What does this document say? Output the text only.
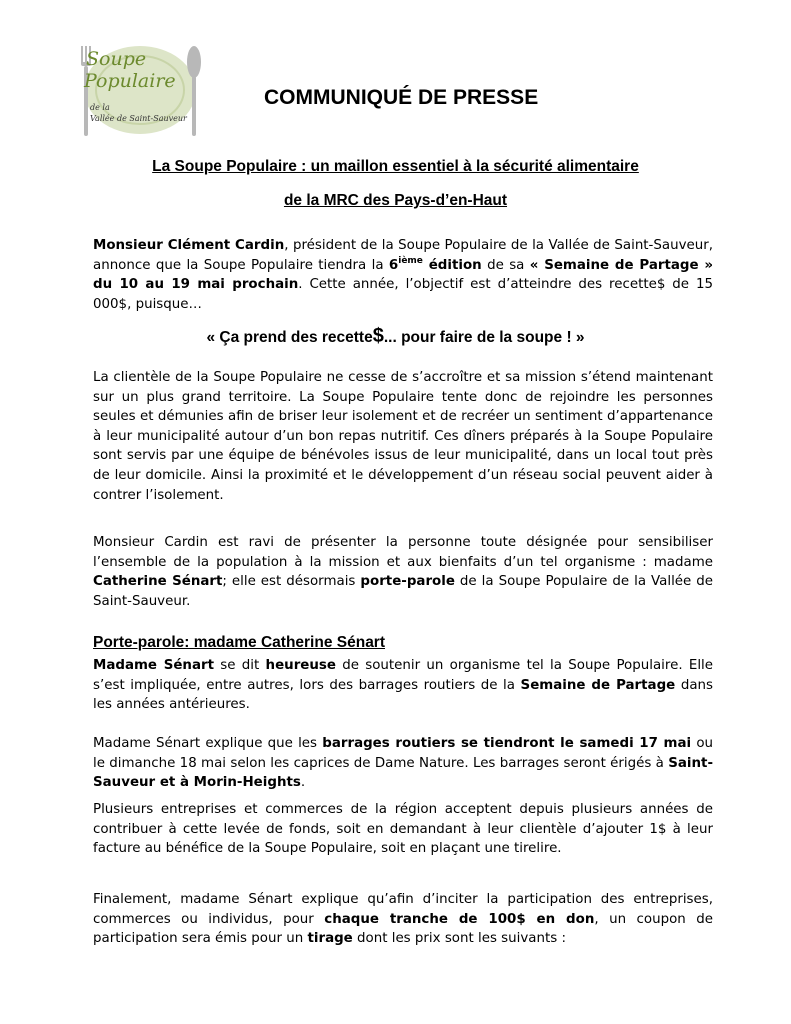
Soupe
Populaire
de la
Vallée de Saint-Sauveur
COMMUNIQUÉ DE PRESSE
La Soupe Populaire : un maillon essentiel à la sécurité alimentaire
de la MRC des Pays-d’en-Haut

Monsieur Clément Cardin, président de la Soupe Populaire de la Vallée de Saint-Sauveur, annonce que la Soupe Populaire tiendra la 6ième édition de sa « Semaine de Partage » du 10 au 19 mai prochain. Cette année, l’objectif est d’atteindre des recette$ de 15 000$, puisque…

« Ça prend des recette$... pour faire de la soupe ! »

La clientèle de la Soupe Populaire ne cesse de s’accroître et sa mission s’étend maintenant sur un plus grand territoire. La Soupe Populaire tente donc de rejoindre les personnes seules et démunies afin de briser leur isolement et de recréer un sentiment d’appartenance à leur municipalité autour d’un bon repas nutritif. Ces dîners préparés à la Soupe Populaire sont servis par une équipe de bénévoles issus de leur municipalité, dans un local tout près de leur domicile. Ainsi la proximité et le développement d’un réseau social peuvent aider à contrer l’isolement.

Monsieur Cardin est ravi de présenter la personne toute désignée pour sensibiliser l’ensemble de la population à la mission et aux bienfaits d’un tel organisme : madame Catherine Sénart; elle est désormais porte-parole de la Soupe Populaire de la Vallée de Saint-Sauveur.

Porte-parole: madame Catherine Sénart

Madame Sénart se dit heureuse de soutenir un organisme tel la Soupe Populaire. Elle s’est impliquée, entre autres, lors des barrages routiers de la Semaine de Partage dans les années antérieures.

Madame Sénart explique que les barrages routiers se tiendront le samedi 17 mai ou le dimanche 18 mai selon les caprices de Dame Nature. Les barrages seront érigés à Saint-Sauveur et à Morin-Heights.

Plusieurs entreprises et commerces de la région acceptent depuis plusieurs années de contribuer à cette levée de fonds, soit en demandant à leur clientèle d’ajouter 1$ à leur facture au bénéfice de la Soupe Populaire, soit en plaçant une tirelire.

Finalement, madame Sénart explique qu’afin d’inciter la participation des entreprises, commerces ou individus, pour chaque tranche de 100$ en don, un coupon de participation sera émis pour un tirage dont les prix sont les suivants :
